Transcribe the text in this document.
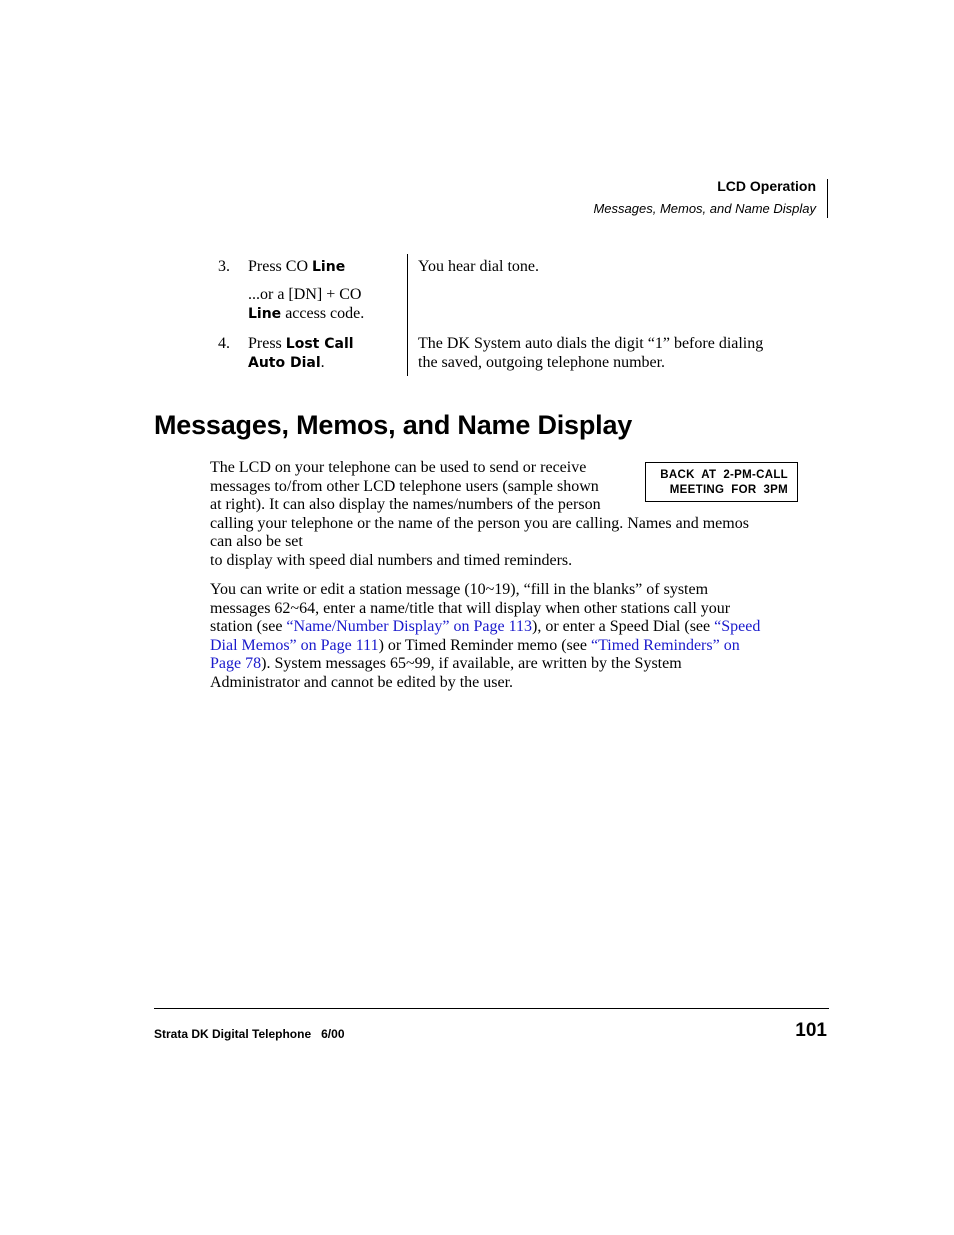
LCD Operation
Messages, Memos, and Name Display
3. Press CO Line
...or a [DN] + CO
Line access code.
You hear dial tone.
4. Press Lost Call
Auto Dial.
The DK System auto dials the digit “1” before dialing
the saved, outgoing telephone number.
Messages, Memos, and Name Display
BACK  AT  2-PM-CALL
MEETING  FOR  3PM
The LCD on your telephone can be used to send or receive
messages to/from other LCD telephone users (sample shown
at right). It can also display the names/numbers of the person
calling your telephone or the name of the person you are calling. Names and memos
can also be set
to display with speed dial numbers and timed reminders.
You can write or edit a station message (10~19), “fill in the blanks” of system
messages 62~64, enter a name/title that will display when other stations call your
station (see “Name/Number Display” on Page 113), or enter a Speed Dial (see “Speed
Dial Memos” on Page 111) or Timed Reminder memo (see “Timed Reminders” on
Page 78). System messages 65~99, if available, are written by the System
Administrator and cannot be edited by the user.
Strata DK Digital Telephone   6/00	101
